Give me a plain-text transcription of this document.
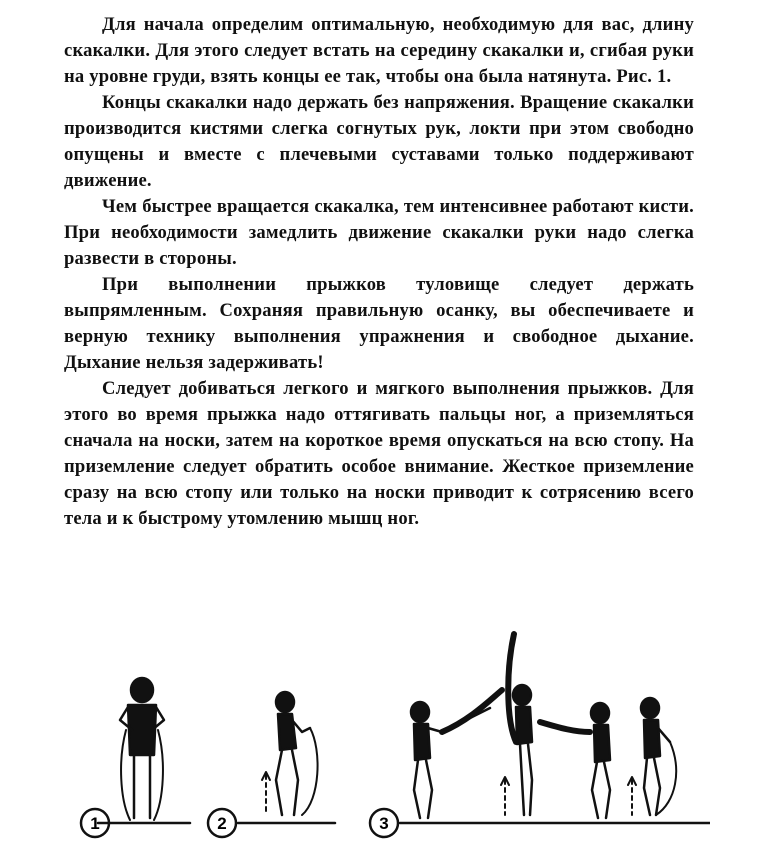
Для начала определим оптимальную, необходимую для вас, длину скакалки. Для этого следует встать на середину скакалки и, сгибая руки на уровне груди, взять концы ее так, чтобы она была натянута. Рис. 1.

Концы скакалки надо держать без напряжения. Вращение скакалки производится кистями слегка согнутых рук, локти при этом свободно опущены и вместе с плечевыми суставами только поддерживают движение.

Чем быстрее вращается скакалка, тем интенсивнее работают кисти. При необходимости замедлить движение скакалки руки надо слегка развести в стороны.

При выполнении прыжков туловище следует держать выпрямленным. Сохраняя правильную осанку, вы обеспечиваете и верную технику выполнения упражнения и свободное дыхание. Дыхание нельзя задерживать!

Следует добиваться легкого и мягкого выполнения прыжков. Для этого во время прыжка надо оттягивать пальцы ног, а приземляться сначала на носки, затем на короткое время опускаться на всю стопу. На приземление следует обратить особое внимание. Жесткое приземление сразу на всю стопу или только на носки приводит к сотрясению всего тела и к быстрому утомлению мышц ног.

1	2	3
